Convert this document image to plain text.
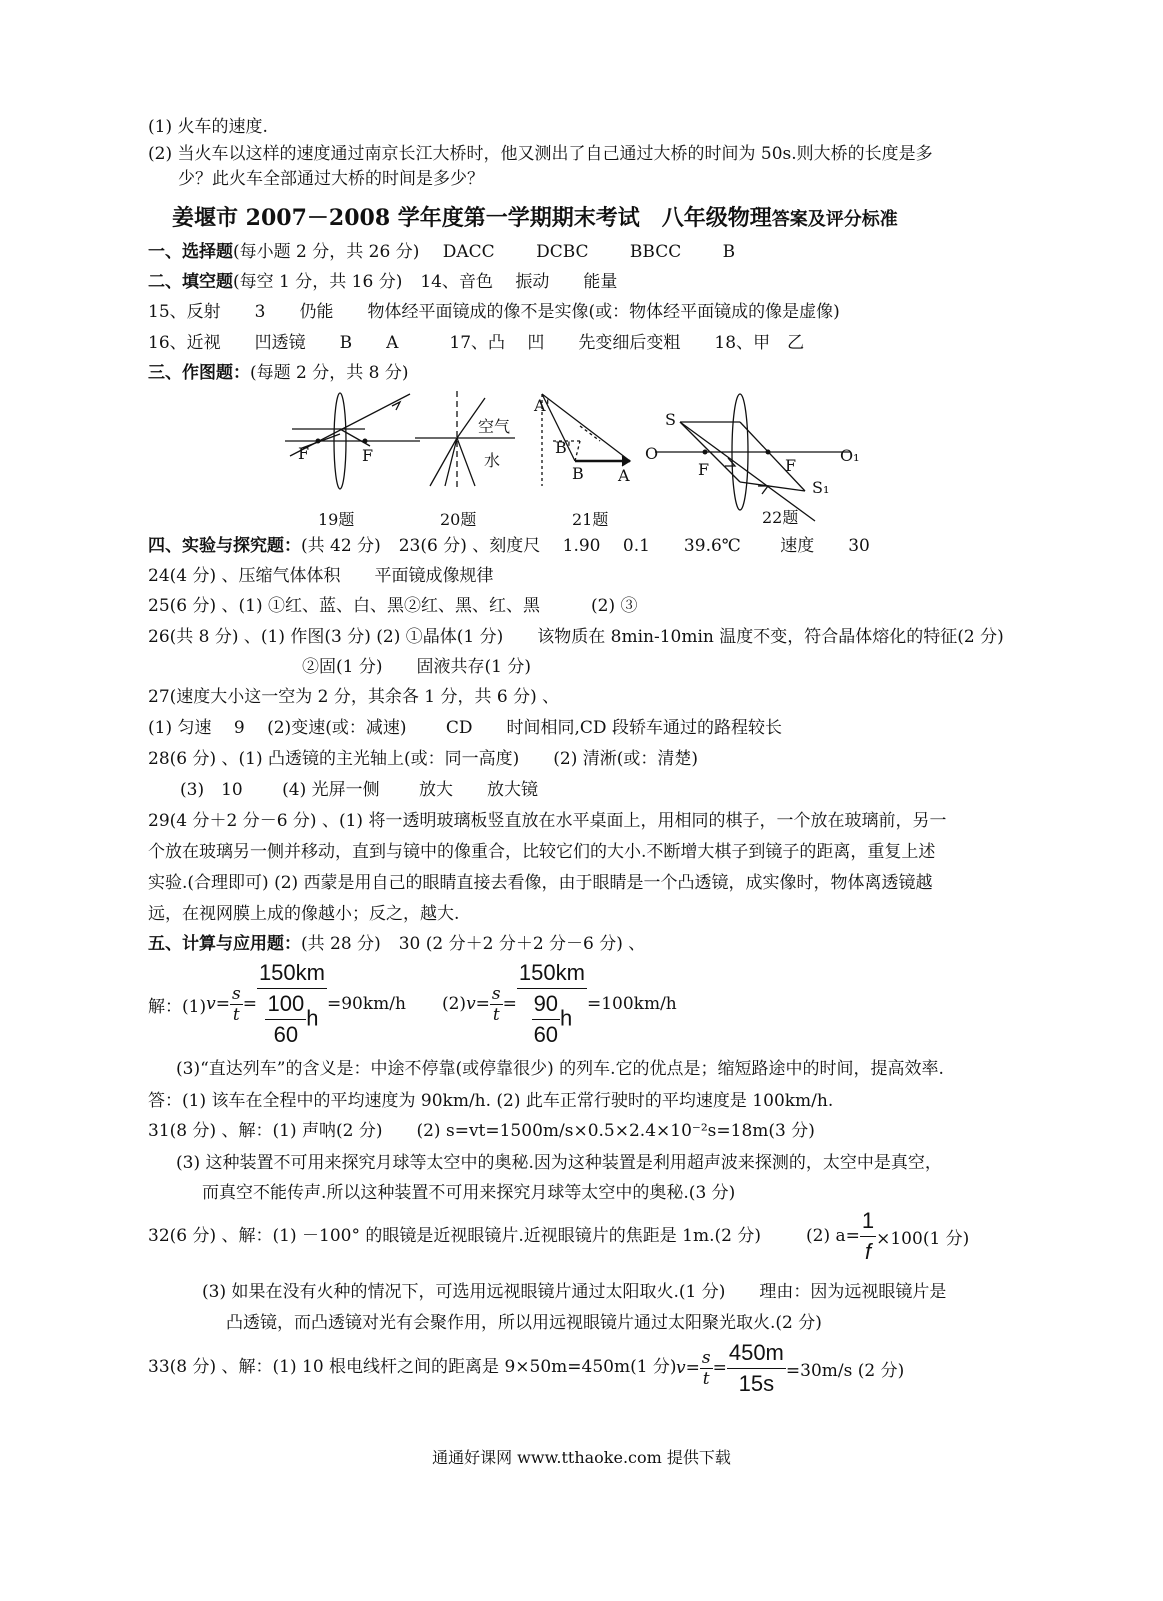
(1) 火车的速度.
(2) 当火车以这样的速度通过南京长江大桥时，他又测出了自己通过大桥的时间为 50s.则大桥的长度是多
少？此火车全部通过大桥的时间是多少？
姜堰市 2007－2008 学年度第一学期期末考试　八年级物理答案及评分标准
一、选择题(每小题 2 分，共 26 分) DACC DCBC BBCC B
二、填空题(每空 1 分，共 16 分) 14、音色　 振动　　能量
15、反射　　3　　仍能　　物体经平面镜成的像不是实像(或：物体经平面镜成的像是虚像)
16、近视　　凹透镜　　B　　A　　　17、凸　 凹　　先变细后变粗　　18、甲　乙
三、作图题：(每题 2 分，共 8 分)
F	F
空气
水
A'
B'
B A
S
O	O₁
F	F
S₁
19题	20题	21题	22题
四、实验与探究题：(共 42 分) 23(6 分) 、刻度尺　 1.90　 0.1　　39.6℃　　 速度　　30
24(4 分) 、压缩气体体积　　平面镜成像规律
25(6 分) 、(1) ①红、蓝、白、黑②红、黑、红、黑　　　(2) ③
26(共 8 分) 、(1) 作图(3 分) (2) ①晶体(1 分)　　该物质在 8min-10min 温度不变，符合晶体熔化的特征(2 分)
②固(1 分)　　固液共存(1 分)
27(速度大小这一空为 2 分，其余各 1 分，共 6 分) 、
(1) 匀速　 9　 (2)变速(或：减速)　　 CD　　时间相同,CD 段轿车通过的路程较长
28(6 分) 、(1) 凸透镜的主光轴上(或：同一高度)　　(2) 清淅(或：清楚)
(3)　10　　 (4) 光屏一侧　　 放大　　放大镜
29(4 分＋2 分－6 分) 、(1) 将一透明玻璃板竖直放在水平桌面上，用相同的棋子，一个放在玻璃前，另一
个放在玻璃另一侧并移动，直到与镜中的像重合，比较它们的大小.不断增大棋子到镜子的距离，重复上述
实验.(合理即可) (2) 西蒙是用自己的眼睛直接去看像，由于眼睛是一个凸透镜，成实像时，物体离透镜越
远，在视网膜上成的像越小；反之，越大.
五、计算与应用题：(共 28 分) 30 (2 分＋2 分＋2 分－6 分) 、
解：(1) $v = \frac{s}{t} = \frac{150km}{\frac{100}{60} h} =90km/h$ (2) $v = \frac{s}{t} = \frac{150km}{\frac{90}{60} h} =100km/h$
(3)“直达列车”的含义是：中途不停靠(或停靠很少) 的列车.它的优点是；缩短路途中的时间，提高效率.
答：(1) 该车在全程中的平均速度为 90km/h. (2) 此车正常行驶时的平均速度是 100km/h.
31(8 分) 、解：(1) 声呐(2 分)　　(2) s=vt=1500m/s×0.5×2.4×10⁻²s=18m(3 分)
(3) 这种装置不可用来探究月球等太空中的奥秘.因为这种装置是利用超声波来探测的，太空中是真空，
而真空不能传声.所以这种装置不可用来探究月球等太空中的奥秘.(3 分)
32(6 分) 、解：(1) －100° 的眼镜是近视眼镜片.近视眼镜片的焦距是 1m.(2 分)	(2) $a= \frac{1}{f} \times 100(1$ 分)
(3) 如果在没有火种的情况下，可选用远视眼镜片通过太阳取火.(1 分)　　理由：因为远视眼镜片是
凸透镜，而凸透镜对光有会聚作用，所以用远视眼镜片通过太阳聚光取火.(2 分)
33(8 分) 、解：(1) 10 根电线杆之间的距离是 9×50m=450m(1 分) $v= \frac{s}{t} = \frac{450m}{15s} =30m/s$ (2 分)
通通好课网 www.tthaoke.com 提供下载
